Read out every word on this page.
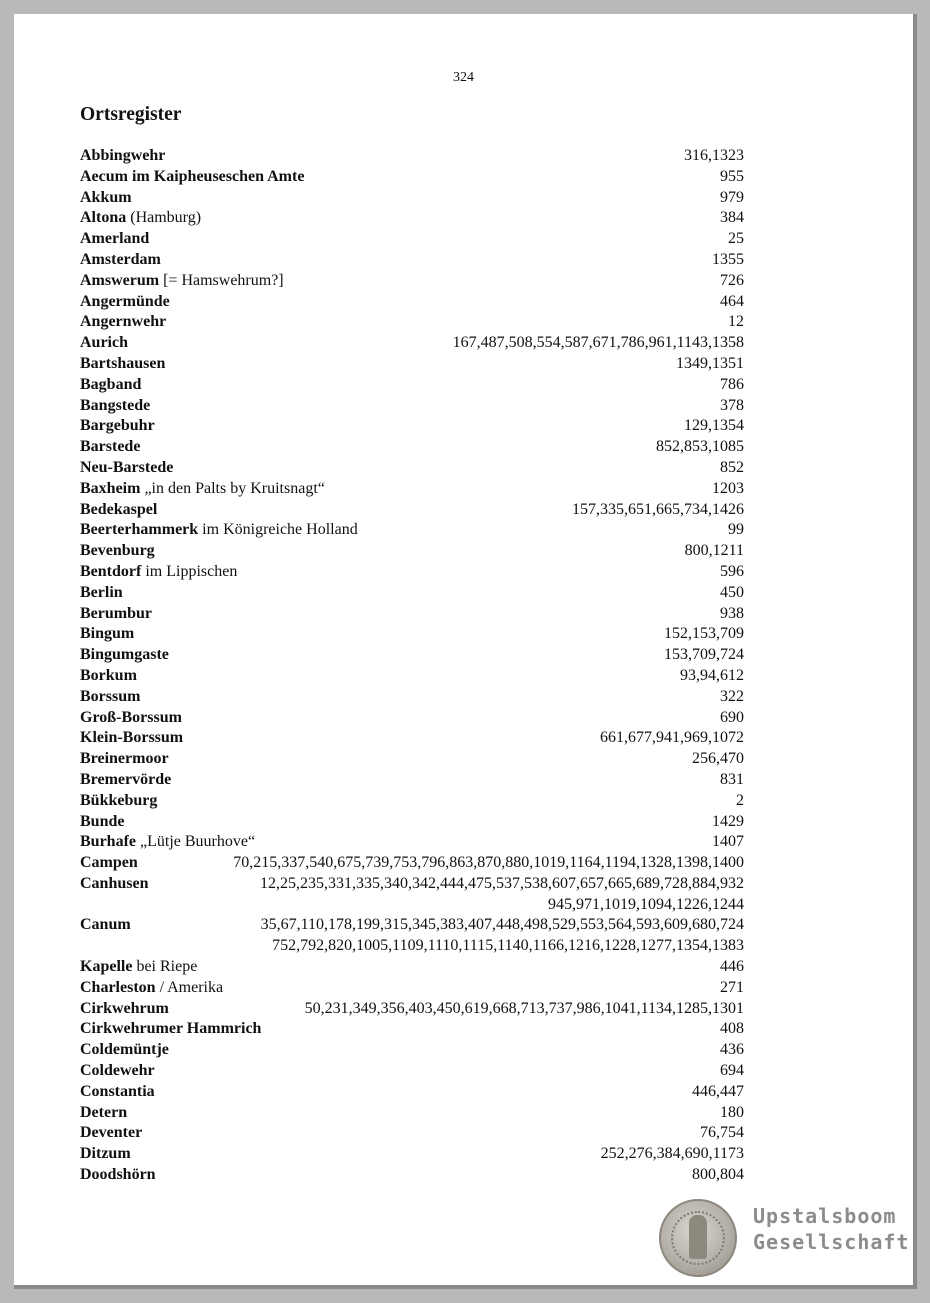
324
Ortsregister
Abbingwehr	316,1323
Aecum im Kaipheuseschen Amte	955
Akkum	979
Altona (Hamburg)	384
Amerland	25
Amsterdam	1355
Amswerum [= Hamswehrum?]	726
Angermünde	464
Angernwehr	12
Aurich	167,487,508,554,587,671,786,961,1143,1358
Bartshausen	1349,1351
Bagband	786
Bangstede	378
Bargebuhr	129,1354
Barstede	852,853,1085
Neu-Barstede	852
Baxheim „in den Palts by Kruitsnagt“	1203
Bedekaspel	157,335,651,665,734,1426
Beerterhammerk im Königreiche Holland	99
Bevenburg	800,1211
Bentdorf im Lippischen	596
Berlin	450
Berumbur	938
Bingum	152,153,709
Bingumgaste	153,709,724
Borkum	93,94,612
Borssum	322
Groß-Borssum	690
Klein-Borssum	661,677,941,969,1072
Breinermoor	256,470
Bremervörde	831
Bükkeburg	2
Bunde	1429
Burhafe „Lütje Buurhove“	1407
Campen	70,215,337,540,675,739,753,796,863,870,880,1019,1164,1194,1328,1398,1400
Canhusen	12,25,235,331,335,340,342,444,475,537,538,607,657,665,689,728,884,932
945,971,1019,1094,1226,1244
Canum	35,67,110,178,199,315,345,383,407,448,498,529,553,564,593,609,680,724
752,792,820,1005,1109,1110,1115,1140,1166,1216,1228,1277,1354,1383
Kapelle bei Riepe	446
Charleston / Amerika	271
Cirkwehrum	50,231,349,356,403,450,619,668,713,737,986,1041,1134,1285,1301
Cirkwehrumer Hammrich	408
Coldemüntje	436
Coldewehr	694
Constantia	446,447
Detern	180
Deventer	76,754
Ditzum	252,276,384,690,1173
Doodshörn	800,804
Upstalsboom
Gesellschaft
